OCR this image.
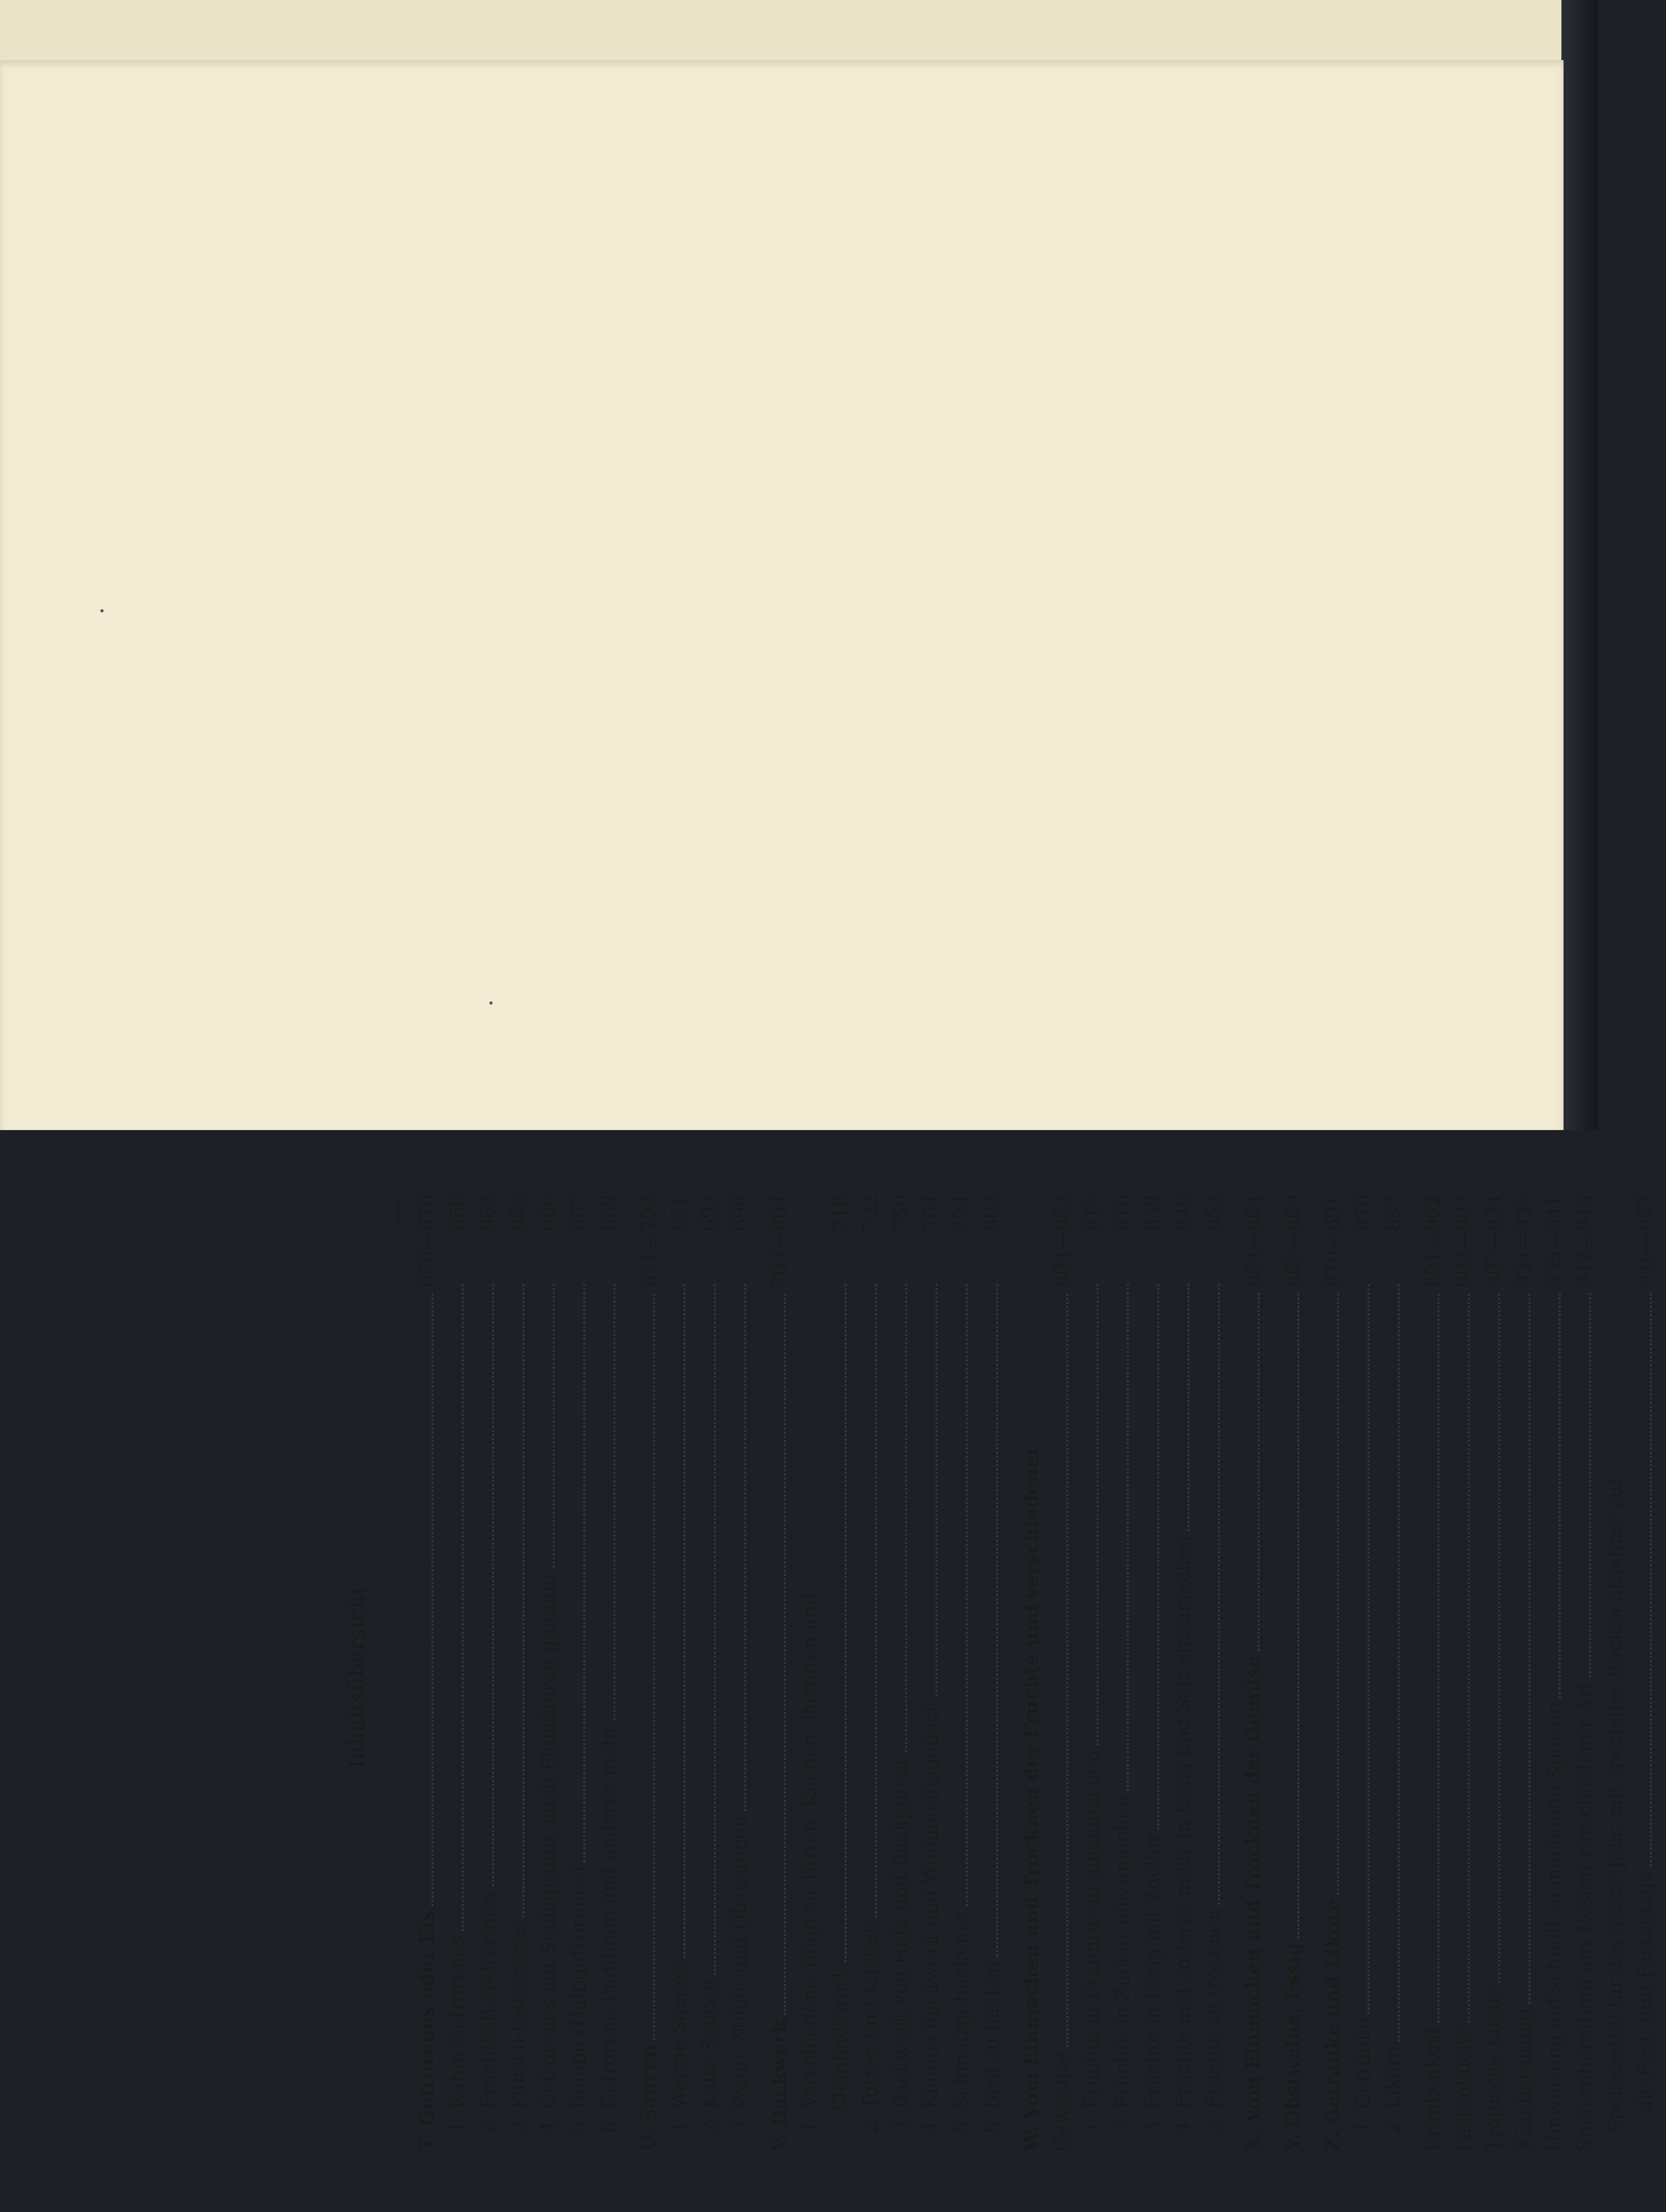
Inhaltsübersicht.
Seite
T. Gefrorenes oder Eis
658—670
1. Rahm-Gefrorenes
660
2. Fruchtsaft-Gefrorenes
663
3. Punsch-Gefrorenes
665
4. Gefrorenes mit Schlagrahm, auch Plombièren genannt
666
5. Bombe (Halbgefrorenes)
667
6. Gefrorene Puddinge und anderes mehr
669
U. Saucen
671—702
1. Warme Saucen
671
2. Kalte Saucen
692
3. Wein-, Milch- und Obstsaucen
698
V. Backwerk
703—804
1. Verschiedene Teige zu Torten, Kuchen, Pasteten und Kleinbackwerk
716
2. Torten und Kuchen
722
3. Backwerk von Hefe und Backpulver
750
4. Kleines Backwerk und Weihnachtsgebäck
764
5. Schmalzgebackenes
794
6. Brot zu backen
802
W. Vom Einmachen und Trocknen der Früchte und verschiedener Gewächse
804—853
1. Früchte in Branntwein einzumachen
815
2. Früchte in Zucker einzumachen
816
3. Früchte in Essig mit Zucker
839
4. Früchte und anderes mehr in Essig und Salz einzumachen
846
5. Früchte zu trocknen
852
X. Vom Einmachen und Trocknen der Gemüse
854—864
Y. Obstweine, Essig
865—869
Z. Getränke und Liköre
870—891
1. Getränke
870
2. Liköre
887
Krankenkost
891—902
Fastenküche
902—907
Tropische Küche
907—934
Käsebereitung
934—935
Hinweisung auf schnell zu machende Speisen
935—941
Speisenbereitung aus Resten verschiedener Art
942—945
Speisezettel für das ganze Jahr, mit spezieller Rücksichtnahme auf die Fest- und Fastentage
946—967
